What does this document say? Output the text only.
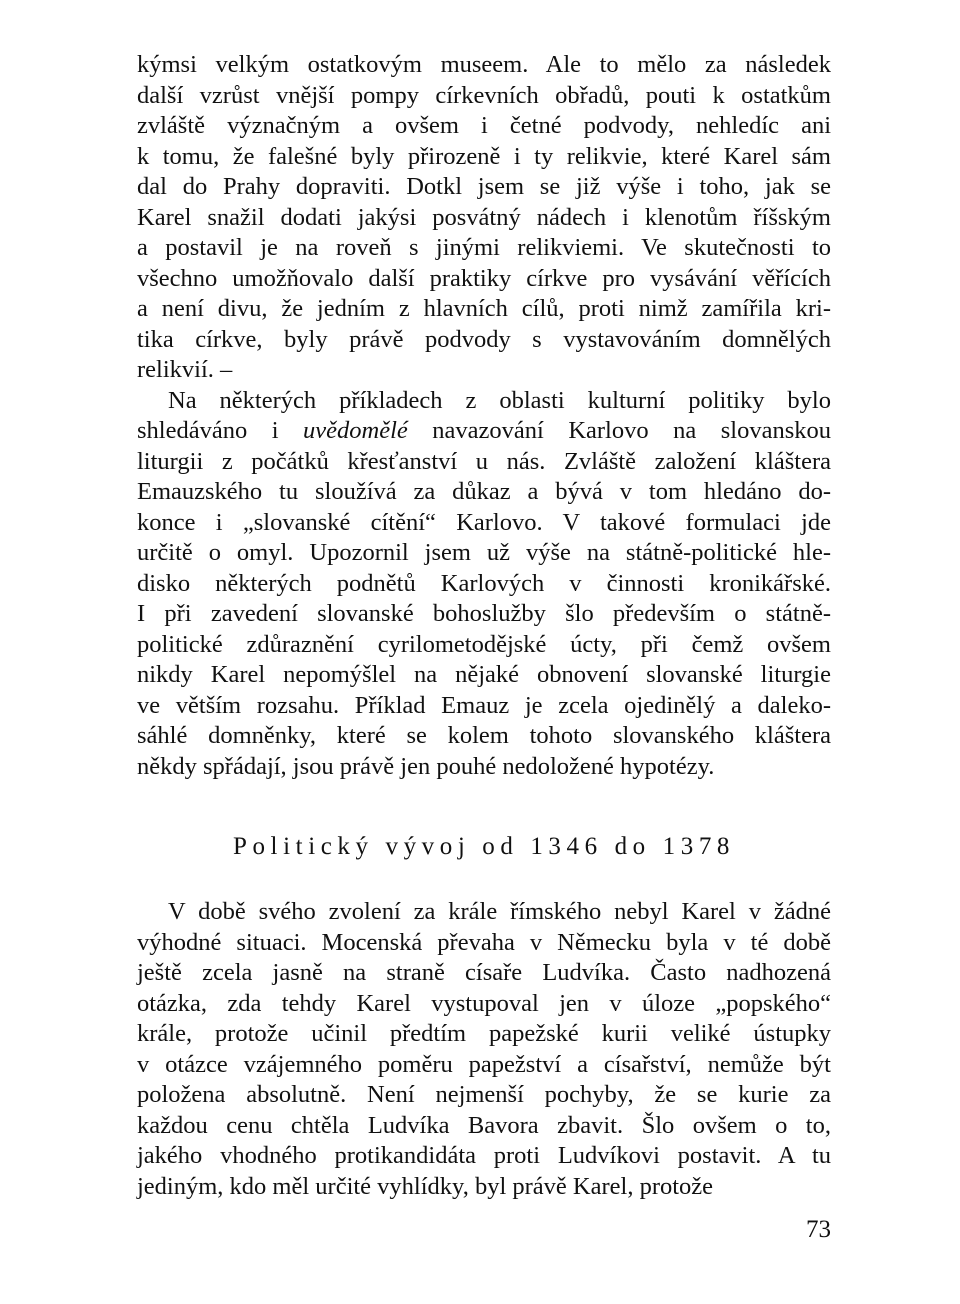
kýmsi velkým ostatkovým museem. Ale to mělo za následek
další vzrůst vnější pompy církevních obřadů, pouti k ostatkům
zvláště význačným a ovšem i četné podvody, nehledíc ani
k tomu, že falešné byly přirozeně i ty relikvie, které Karel sám
dal do Prahy dopraviti. Dotkl jsem se již výše i toho, jak se
Karel snažil dodati jakýsi posvátný nádech i klenotům říšským
a postavil je na roveň s jinými relikviemi. Ve skutečnosti to
všechno umožňovalo další praktiky církve pro vysávání věřících
a není divu, že jedním z hlavních cílů, proti nimž zamířila kri-
tika církve, byly právě podvody s vystavováním domnělých
relikvií. –
Na některých příkladech z oblasti kulturní politiky bylo
shledáváno i uvědomělé navazování Karlovo na slovanskou
liturgii z počátků křesťanství u nás. Zvláště založení kláštera
Emauzského tu sloužívá za důkaz a bývá v tom hledáno do-
konce i „slovanské cítění“ Karlovo. V takové formulaci jde
určitě o omyl. Upozornil jsem už výše na státně-politické hle-
disko některých podnětů Karlových v činnosti kronikářské.
I při zavedení slovanské bohoslužby šlo především o státně-
politické zdůraznění cyrilometodějské úcty, při čemž ovšem
nikdy Karel nepomýšlel na nějaké obnovení slovanské liturgie
ve větším rozsahu. Příklad Emauz je zcela ojedinělý a daleko-
sáhlé domněnky, které se kolem tohoto slovanského kláštera
někdy spřádají, jsou právě jen pouhé nedoložené hypotézy.
Politický vývoj od 1346 do 1378
V době svého zvolení za krále římského nebyl Karel v žádné
výhodné situaci. Mocenská převaha v Německu byla v té době
ještě zcela jasně na straně císaře Ludvíka. Často nadhozená
otázka, zda tehdy Karel vystupoval jen v úloze „popského“
krále, protože učinil předtím papežské kurii veliké ústupky
v otázce vzájemného poměru papežství a císařství, nemůže být
položena absolutně. Není nejmenší pochyby, že se kurie za
každou cenu chtěla Ludvíka Bavora zbavit. Šlo ovšem o to,
jakého vhodného protikandidáta proti Ludvíkovi postavit. A tu
jediným, kdo měl určité vyhlídky, byl právě Karel, protože
73
